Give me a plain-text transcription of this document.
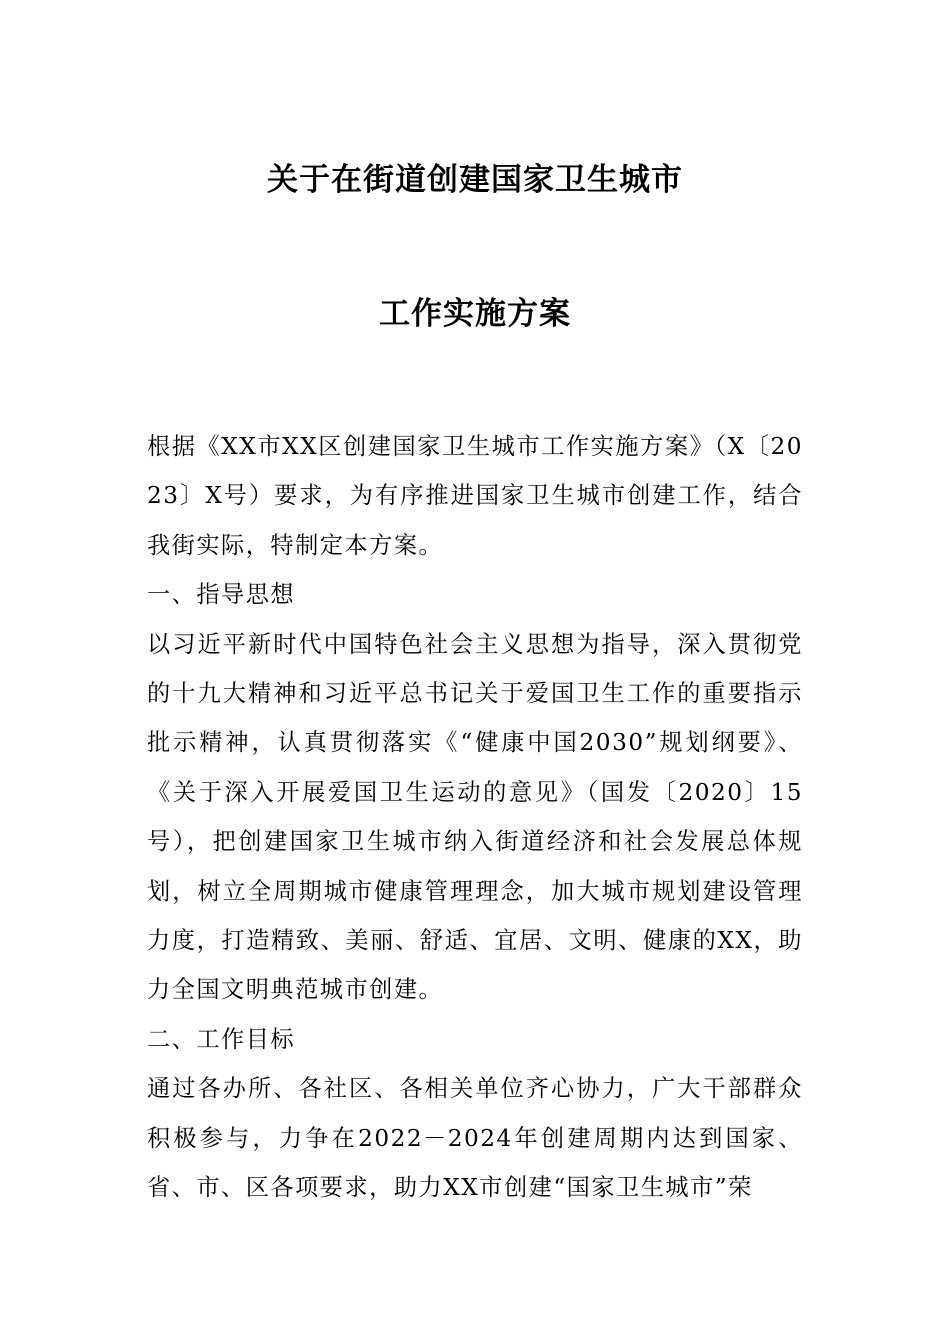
关于在街道创建国家卫生城市
工作实施方案

根据《XX市XX区创建国家卫生城市工作实施方案》（X〔2023〕X号）要求，为有序推进国家卫生城市创建工作，结合我街实际，特制定本方案。

一、指导思想

以习近平新时代中国特色社会主义思想为指导，深入贯彻党的十九大精神和习近平总书记关于爱国卫生工作的重要指示批示精神，认真贯彻落实《“健康中国2030”规划纲要》、《关于深入开展爱国卫生运动的意见》（国发〔2020〕15号），把创建国家卫生城市纳入街道经济和社会发展总体规划，树立全周期城市健康管理理念，加大城市规划建设管理力度，打造精致、美丽、舒适、宜居、文明、健康的XX，助力全国文明典范城市创建。

二、工作目标

通过各办所、各社区、各相关单位齐心协力，广大干部群众积极参与，力争在2022－2024年创建周期内达到国家、省、市、区各项要求，助力XX市创建“国家卫生城市”荣
